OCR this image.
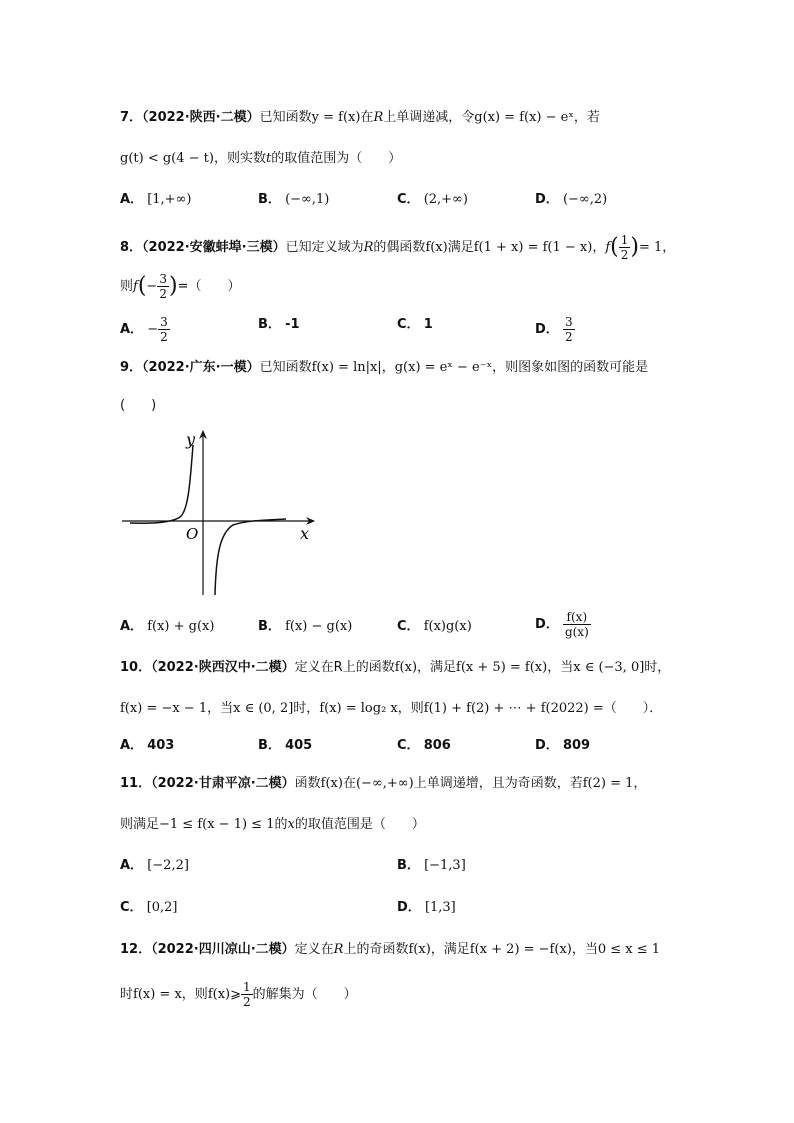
7．（2022·陕西·二模）已知函数y = f(x)在R上单调递减，令g(x) = f(x) − eˣ，若
g(t) < g(4 − t)，则实数t的取值范围为（　　）
A． [1,+∞)	B． (−∞,1)	C． (2,+∞)	D． (−∞,2)
8．（2022·安徽蚌埠·三模）已知定义域为R的偶函数f(x)满足f(1 + x) = f(1 − x)，$f( \frac{1}{2}$ )= 1，
则$f(- \frac{3}{2}$ )=（　　）
A． − $\frac{3}{2}$	B． -1	C． 1	D． $\frac{3}{2}$
9．（2022·广东·一模）已知函数f(x) = ln|x|，g(x) = eˣ − e⁻ˣ，则图象如图的函数可能是
(　　)
y
O	x
A． f(x) + g(x)	B． f(x) − g(x)	C． f(x)g(x)	D． $\frac{f(x)}{g(x)}$
10．（2022·陕西汉中·二模）定义在R上的函数f(x)，满足f(x + 5) = f(x)，当x ∈ (−3, 0]时，
f(x) = −x − 1，当x ∈ (0, 2]时，f(x) = log₂ x，则f(1) + f(2) + ⋯ + f(2022) =（　　）．
A． 403	B． 405	C． 806	D． 809
11．（2022·甘肃平凉·二模）函数f(x)在(−∞,+∞)上单调递增，且为奇函数，若f(2) = 1，
则满足−1 ≤ f(x − 1) ≤ 1的x的取值范围是（　　）
A． [−2,2]	B． [−1,3]
C． [0,2]	D． [1,3]
12．（2022·四川凉山·二模）定义在R上的奇函数f(x)，满足f(x + 2) = −f(x)，当0 ≤ x ≤ 1
时f(x) = x，则f(x)⩾ $\frac{1}{2}$ 的解集为（　　）
